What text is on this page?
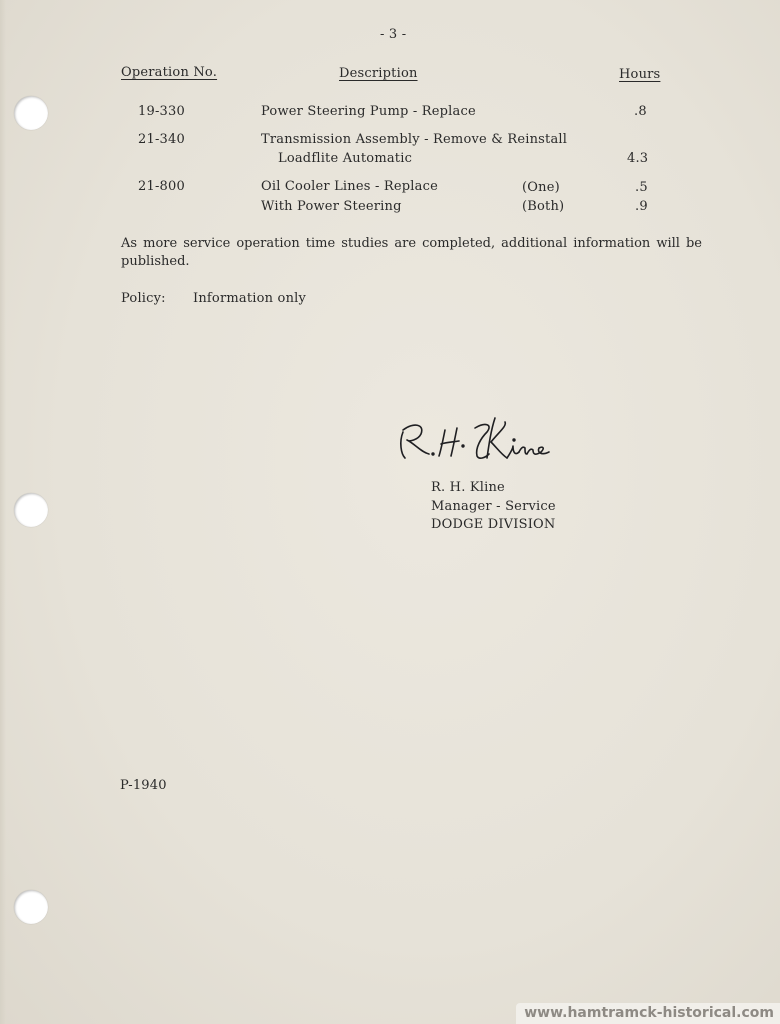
- 3 -
Operation No.	Description	Hours
19-330	Power Steering Pump - Replace	.8
21-340	Transmission Assembly - Remove & Reinstall
Loadflite Automatic	4.3
21-800	Oil Cooler Lines - Replace	(One)	.5
With Power Steering	(Both)	.9
As more service operation time studies are completed, additional information will be published.
Policy: Information only
R. H. Kline
Manager - Service
DODGE DIVISION
P-1940
www.hamtramck-historical.com
